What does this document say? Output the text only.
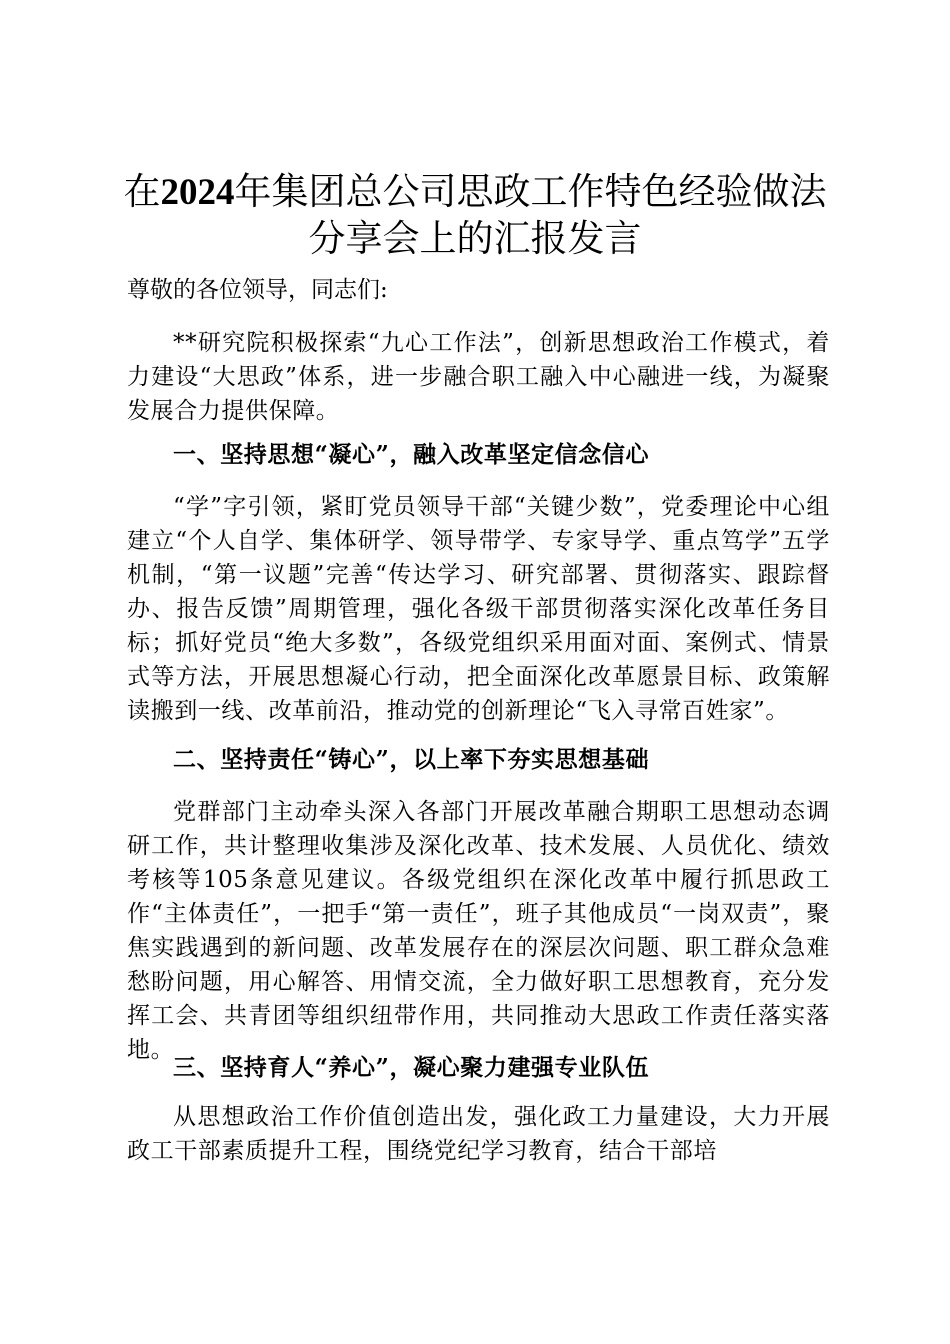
在2024年集团总公司思政工作特色经验做法
分享会上的汇报发言
尊敬的各位领导，同志们:
**研究院积极探索“九心工作法”，创新思想政治工作模式，着力建设“大思政”体系，进一步融合职工融入中心融进一线，为凝聚发展合力提供保障。
一、坚持思想“凝心”，融入改革坚定信念信心
“学”字引领，紧盯党员领导干部“关键少数”，党委理论中心组建立“个人自学、集体研学、领导带学、专家导学、重点笃学”五学机制，“第一议题”完善“传达学习、研究部署、贯彻落实、跟踪督办、报告反馈”周期管理，强化各级干部贯彻落实深化改革任务目标；抓好党员“绝大多数”，各级党组织采用面对面、案例式、情景式等方法，开展思想凝心行动，把全面深化改革愿景目标、政策解读搬到一线、改革前沿，推动党的创新理论“飞入寻常百姓家”。
二、坚持责任“铸心”，以上率下夯实思想基础
党群部门主动牵头深入各部门开展改革融合期职工思想动态调研工作，共计整理收集涉及深化改革、技术发展、人员优化、绩效考核等105条意见建议。各级党组织在深化改革中履行抓思政工作“主体责任”，一把手“第一责任”，班子其他成员“一岗双责”，聚焦实践遇到的新问题、改革发展存在的深层次问题、职工群众急难愁盼问题，用心解答、用情交流，全力做好职工思想教育，充分发挥工会、共青团等组织纽带作用，共同推动大思政工作责任落实落地。
三、坚持育人“养心”，凝心聚力建强专业队伍
从思想政治工作价值创造出发，强化政工力量建设，大力开展政工干部素质提升工程，围绕党纪学习教育，结合干部培
